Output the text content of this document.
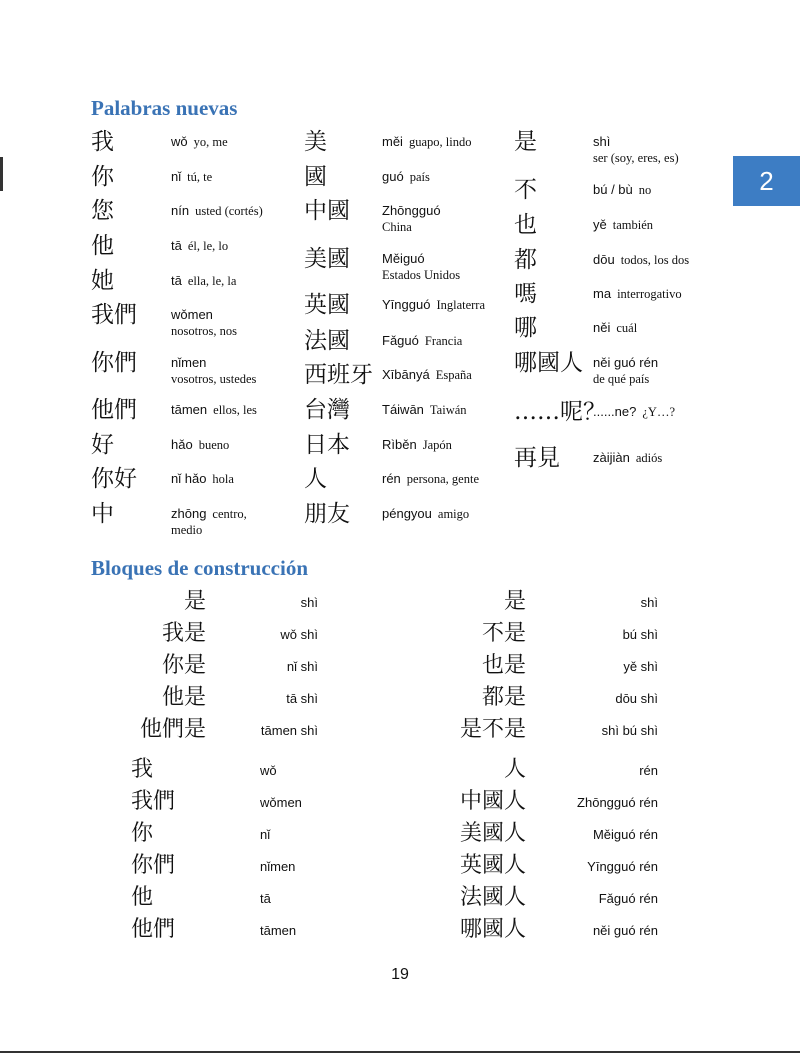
2
Palabras nuevas
Bloques de construcción
我	wǒ yo, me
你	nǐ tú, te
您	nín usted (cortés)
他	tā él, le, lo
她	tā ella, le, la
我們	wǒmen
nosotros, nos
你們	nǐmen
vosotros, ustedes
他們	tāmen ellos, les
好	hǎo bueno
你好	nǐ hǎo hola
中	zhōng centro,
medio
美	měi guapo, lindo
國	guó país
中國 Zhōngguó
China
美國 Měiguó
Estados Unidos
英國 Yīngguó Inglaterra
法國 Fǎguó Francia
西班牙 Xībānyá España
台灣 Táiwān Taiwán
日本 Rìběn Japón
人	rén persona, gente
朋友 péngyou amigo
是	shì
ser (soy, eres, es)
不	bú / bù no
也	yě también
都	dōu todos, los dos
嗎	ma interrogativo
哪	něi cuál
哪國人 něi guó rén
de qué país
……呢？
......ne? ¿Y…?
再見	zàijiàn adiós
是	shì
我是	wǒ shì
你是	nǐ shì
他是	tā shì
他們是	tāmen shì
我	wǒ
我們	wǒmen
你	nǐ
你們	nǐmen
他	tā
他們	tāmen
是	shì
不是	bú shì
也是	yě shì
都是	dōu shì
是不是	shì bú shì
人	rén
中國人	Zhōngguó rén
美國人	Měiguó rén
英國人	Yīngguó rén
法國人	Fǎguó rén
哪國人	něi guó rén
19
